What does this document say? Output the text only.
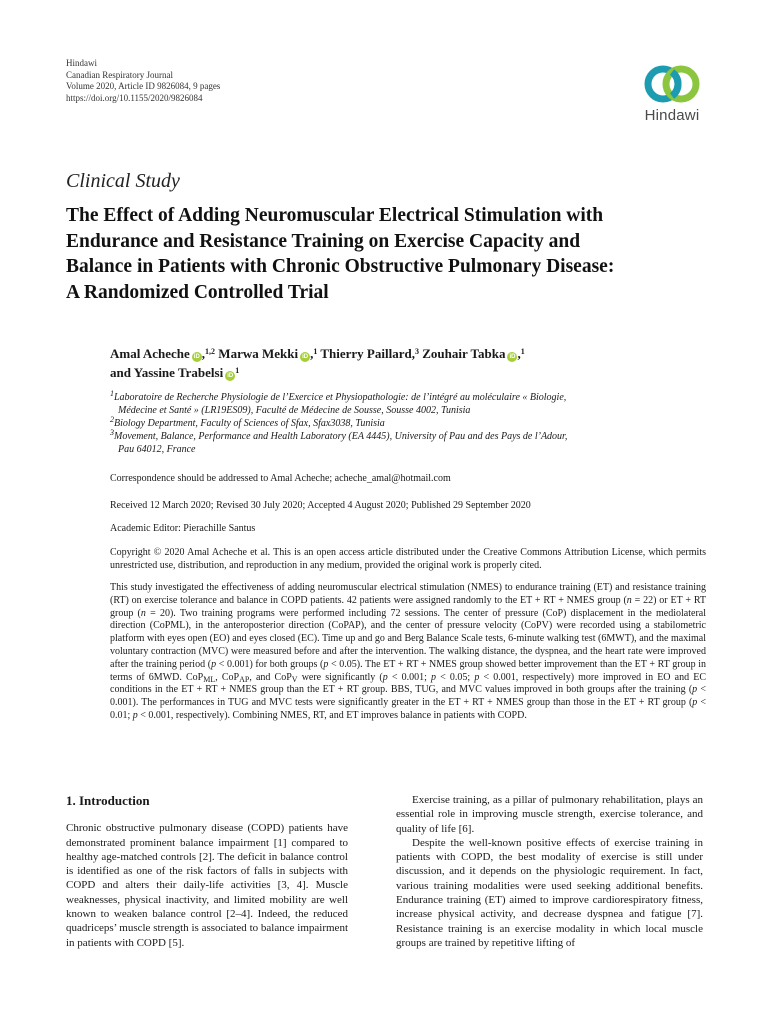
Hindawi
Canadian Respiratory Journal
Volume 2020, Article ID 9826084, 9 pages
https://doi.org/10.1155/2020/9826084
Hindawi
Clinical Study
The Effect of Adding Neuromuscular Electrical Stimulation with
Endurance and Resistance Training on Exercise Capacity and
Balance in Patients with Chronic Obstructive Pulmonary Disease:
A Randomized Controlled Trial
Amal Acheche iD ,$^{1,2}$ Marwa Mekki iD ,$^1$ Thierry Paillard,$^3$ Zouhair Tabka iD ,$^1$
and Yassine Trabelsi $iD^1$
$^1$Laboratoire de Recherche Physiologie de l’Exercice et Physiopathologie: de l’intégré au moléculaire « Biologie,
Médecine et Santé » (LR19ES09), Faculté de Médecine de Sousse, Sousse 4002, Tunisia
$^2$Biology Department, Faculty of Sciences of Sfax, Sfax3038, Tunisia
$^3$Movement, Balance, Performance and Health Laboratory (EA 4445), University of Pau and des Pays de l’Adour,
Pau 64012, France
Correspondence should be addressed to Amal Acheche; acheche_amal@hotmail.com
Received 12 March 2020; Revised 30 July 2020; Accepted 4 August 2020; Published 29 September 2020
Academic Editor: Pierachille Santus
Copyright © 2020 Amal Acheche et al. This is an open access article distributed under the Creative Commons Attribution License, which permits unrestricted use, distribution, and reproduction in any medium, provided the original work is properly cited.
This study investigated the effectiveness of adding neuromuscular electrical stimulation (NMES) to endurance training (ET) and resistance training (RT) on exercise tolerance and balance in COPD patients. 42 patients were assigned randomly to the ET + RT + NMES group (n = 22) or ET + RT group (n = 20). Two training programs were performed including 72 sessions. The center of pressure (CoP) displacement in the mediolateral direction (CoPML), in the anteroposterior direction (CoPAP), and the center of pressure velocity (CoPV) were recorded using a stabilometric platform with eyes open (EO) and eyes closed (EC). Time up and go and Berg Balance Scale tests, 6-minute walking test (6MWT), and the maximal voluntary contraction (MVC) were measured before and after the intervention. The walking distance, the dyspnea, and the heart rate were improved after the training period (p < 0.001) for both groups (p < 0.05). The ET + RT + NMES group showed better improvement than the ET + RT group in terms of 6MWD. CoP$_{ML}$, CoP$_{AP}$, and CoP$_V$ were significantly (p < 0.001; p < 0.05; p < 0.001, respectively) more improved in EO and EC conditions in the ET + RT + NMES group than the ET + RT group. BBS, TUG, and MVC values improved in both groups after the training (p < 0.001). The performances in TUG and MVC tests were significantly greater in the ET + RT + NMES group than those in the ET + RT group (p < 0.01; p < 0.001, respectively). Combining NMES, RT, and ET improves balance in patients with COPD.
1. Introduction

Chronic obstructive pulmonary disease (COPD) patients have demonstrated prominent balance impairment [1] compared to healthy age-matched controls [2]. The deficit in balance control is identified as one of the risk factors of falls in subjects with COPD and alters their daily-life activities [3, 4]. Muscle weaknesses, physical inactivity, and limited mobility are well known to weaken balance control [2–4]. Indeed, the reduced quadriceps’ muscle strength is associated to balance impairment in patients with COPD [5].

Exercise training, as a pillar of pulmonary rehabilitation, plays an essential role in improving muscle strength, exercise tolerance, and quality of life [6].

Despite the well-known positive effects of exercise training in patients with COPD, the best modality of exercise is still under discussion, and it depends on the physiologic requirement. In fact, various training modalities were used seeking additional benefits. Endurance training (ET) aimed to improve cardiorespiratory fitness, increase physical activity, and decrease dyspnea and fatigue [7]. Resistance training is an exercise modality in which local muscle groups are trained by repetitive lifting of
